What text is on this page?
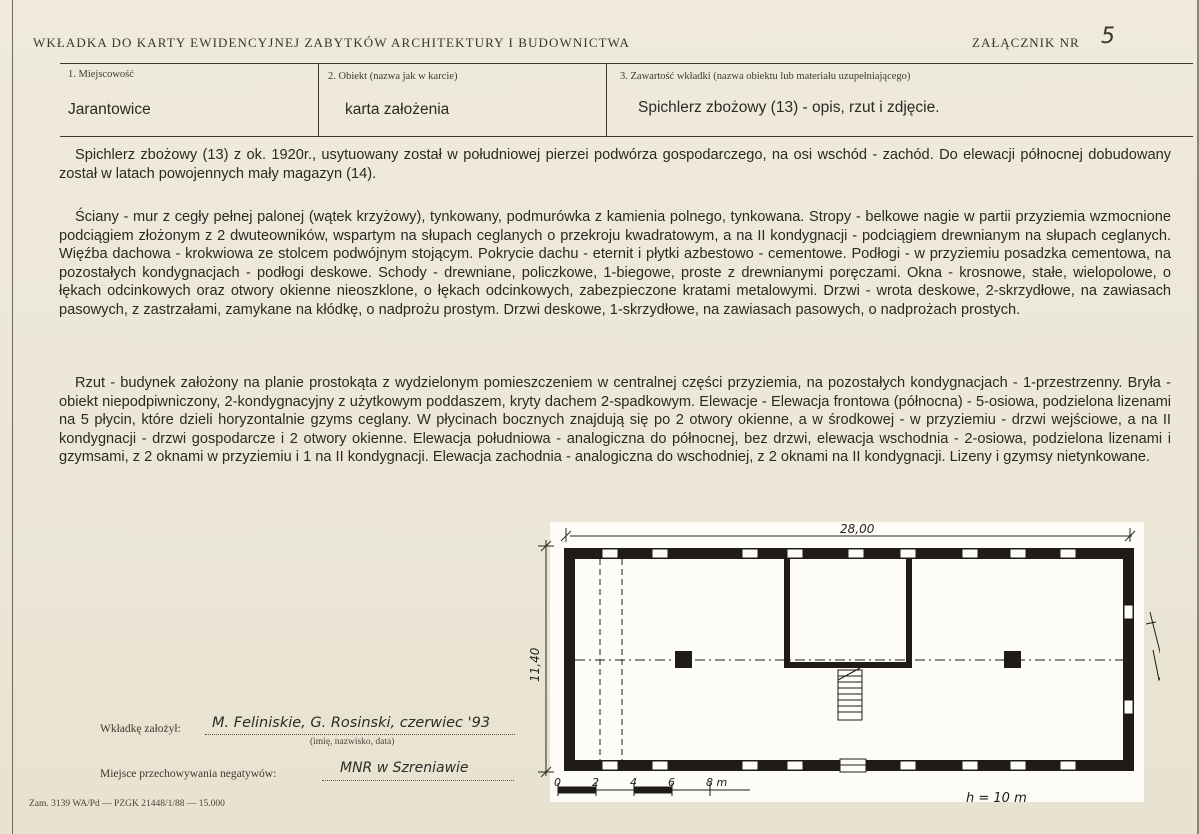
WKŁADKA DO KARTY EWIDENCYJNEJ ZABYTKÓW ARCHITEKTURY I BUDOWNICTWA	ZAŁĄCZNIK NR 5
1. Miejscowość
Jarantowice
2. Obiekt (nazwa jak w karcie)
karta założenia
3. Zawartość wkładki (nazwa obiektu lub materiału uzupełniającego)
Spichlerz zbożowy (13) - opis, rzut i zdjęcie.

Spichlerz zbożowy (13) z ok. 1920r., usytuowany został w południowej pierzei podwórza gospodarczego, na osi wschód - zachód. Do elewacji północnej dobudowany został w latach powojennych mały magazyn (14).

Ściany - mur z cegły pełnej palonej (wątek krzyżowy), tynkowany, podmurówka z kamienia polnego, tynkowana. Stropy - belkowe nagie w partii przyziemia wzmocnione podciągiem złożonym z 2 dwuteowników, wspartym na słupach ceglanych o przekroju kwadratowym, a na II kondygnacji - podciągiem drewnianym na słupach ceglanych. Więźba dachowa - krokwiowa ze stolcem podwójnym stojącym. Pokrycie dachu - eternit i płytki azbestowo - cementowe. Podłogi - w przyziemiu posadzka cementowa, na pozostałych kondygnacjach - podłogi deskowe. Schody - drewniane, policzkowe, 1-biegowe, proste z drewnianymi poręczami. Okna - krosnowe, stałe, wielopolowe, o łękach odcinkowych oraz otwory okienne nieoszklone, o łękach odcinkowych, zabezpieczone kratami metalowymi. Drzwi - wrota deskowe, 2-skrzydłowe, na zawiasach pasowych, z zastrzałami, zamykane na kłódkę, o nadprożu prostym. Drzwi deskowe, 1-skrzydłowe, na zawiasach pasowych, o nadprożach prostych.

Rzut - budynek założony na planie prostokąta z wydzielonym pomieszczeniem w centralnej części przyziemia, na pozostałych kondygnacjach - 1-przestrzenny. Bryła - obiekt niepodpiwniczony, 2-kondygnacyjny z użytkowym poddaszem, kryty dachem 2-spadkowym. Elewacje - Elewacja frontowa (północna) - 5-osiowa, podzielona lizenami na 5 płycin, które dzieli horyzontalnie gzyms ceglany. W płycinach bocznych znajdują się po 2 otwory okienne, a w środkowej - w przyziemiu - drzwi wejściowe, a na II kondygnacji - drzwi gospodarcze i 2 otwory okienne. Elewacja południowa - analogiczna do północnej, bez drzwi, elewacja wschodnia - 2-osiowa, podzielona lizenami i gzymsami, z 2 oknami w przyziemiu i 1 na II kondygnacji. Elewacja zachodnia - analogiczna do wschodniej, z 2 oknami na II kondygnacji. Lizeny i gzymsy nietynkowane.

28,00
11,40
0	2	4	6	8 m
h = 10 m
Wkładkę założył: M. Feliniskie, G. Rosinski, czerwiec '93
(imię, nazwisko, data)
Miejsce przechowywania negatywów:	MNR w Szreniawie
Zam. 3139 WA/Pd — PZGK 21448/1/88 — 15.000
